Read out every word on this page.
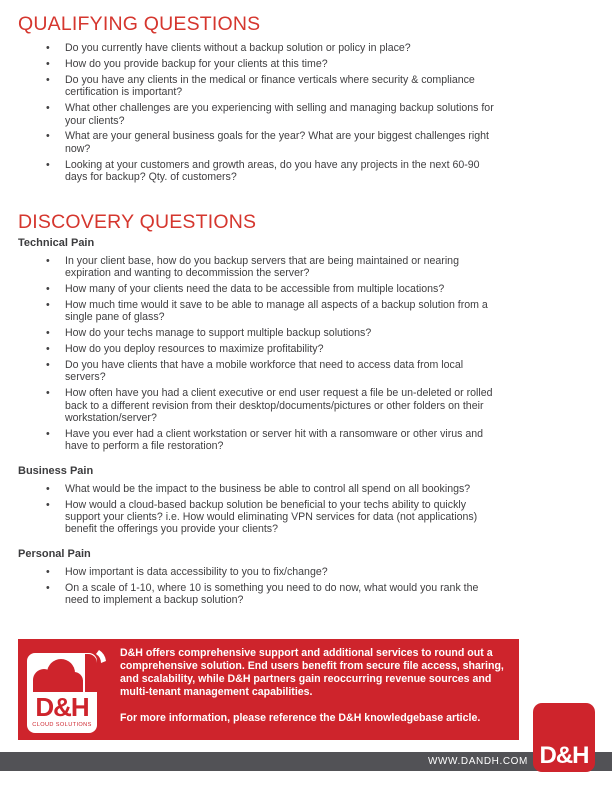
QUALIFYING QUESTIONS
• Do you currently have clients without a backup solution or policy in place?
• How do you provide backup for your clients at this time?
• Do you have any clients in the medical or finance verticals where security & compliance certification is important?
• What other challenges are you experiencing with selling and managing backup solutions for your clients?
• What are your general business goals for the year? What are your biggest challenges right now?
• Looking at your customers and growth areas, do you have any projects in the next 60-90 days for backup? Qty. of customers?
DISCOVERY QUESTIONS
Technical Pain
• In your client base, how do you backup servers that are being maintained or nearing expiration and wanting to decommission the server?
• How many of your clients need the data to be accessible from multiple locations?
• How much time would it save to be able to manage all aspects of a backup solution from a single pane of glass?
• How do your techs manage to support multiple backup solutions?
• How do you deploy resources to maximize profitability?
• Do you have clients that have a mobile workforce that need to access data from local servers?
• How often have you had a client executive or end user request a file be un-deleted or rolled back to a different revision from their desktop/documents/pictures or other folders on their workstation/server?
• Have you ever had a client workstation or server hit with a ransomware or other virus and have to perform a file restoration?
Business Pain
• What would be the impact to the business be able to control all spend on all bookings?
• How would a cloud-based backup solution be beneficial to your techs ability to quickly support your clients? i.e. How would eliminating VPN services for data (not applications) benefit the offerings you provide your clients?
Personal Pain
• How important is data accessibility to you to fix/change?
• On a scale of 1-10, where 10 is something you need to do now, what would you rank the need to implement a backup solution?
D&H
CLOUD SOLUTIONS

D&H offers comprehensive support and additional services to round out a comprehensive solution. End users benefit from secure file access, sharing, and scalability, while D&H partners gain reoccurring revenue sources and multi-tenant management capabilities.

For more information, please reference the D&H knowledgebase article.

WWW.DANDH.COM D&H
